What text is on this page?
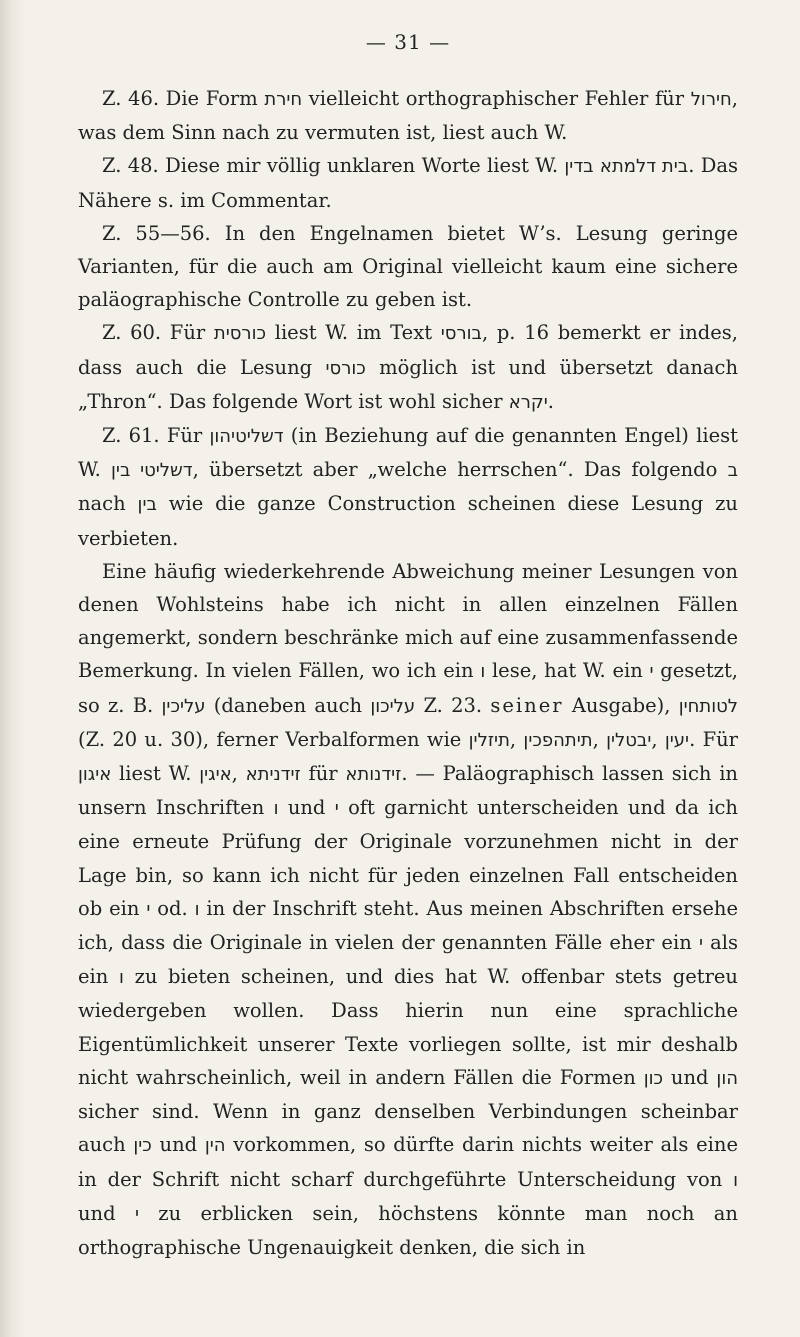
— 31 —

Z. 46. Die Form חירת vielleicht orthographischer Fehler für חירול, was dem Sinn nach zu vermuten ist, liest auch W.

Z. 48. Diese mir völlig unklaren Worte liest W. בדין בית דלמתא. Das Nähere s. im Commentar.

Z. 55—56. In den Engelnamen bietet W’s. Lesung geringe Varianten, für die auch am Original vielleicht kaum eine sichere paläographische Controlle zu geben ist.

Z. 60. Für כורסית liest W. im Text בורסי, p. 16 bemerkt er indes, dass auch die Lesung כורסי möglich ist und übersetzt danach „Thron“. Das folgende Wort ist wohl sicher יקרא.

Z. 61. Für דשליטיהון (in Beziehung auf die genannten Engel) liest W. דשליטי בין, übersetzt aber „welche herrschen“. Das folgendo ב nach בין wie die ganze Construction scheinen diese Lesung zu verbieten.

Eine häufig wiederkehrende Abweichung meiner Lesungen von denen Wohlsteins habe ich nicht in allen einzelnen Fällen angemerkt, sondern beschränke mich auf eine zusammenfassende Bemerkung. In vielen Fällen, wo ich ein ו lese, hat W. ein י gesetzt, so z. B. עליכין (daneben auch עליכון Z. 23. seiner Ausgabe), לטותחין (Z. 20 u. 30), ferner Verbalformen wie תיזלין, תיתהפכין, יבטלין, יעין. Für איגון liest W. איגין, זידניתא für זידנותא. — Paläographisch lassen sich in unsern Inschriften ו und י oft garnicht unterscheiden und da ich eine erneute Prüfung der Originale vorzunehmen nicht in der Lage bin, so kann ich nicht für jeden einzelnen Fall entscheiden ob ein י od. ו in der Inschrift steht. Aus meinen Abschriften ersehe ich, dass die Originale in vielen der genannten Fälle eher ein י als ein ו zu bieten scheinen, und dies hat W. offenbar stets getreu wiedergeben wollen. Dass hierin nun eine sprachliche Eigentümlichkeit unserer Texte vorliegen sollte, ist mir deshalb nicht wahrscheinlich, weil in andern Fällen die Formen כון und הון sicher sind. Wenn in ganz denselben Verbindungen scheinbar auch כין und הין vorkommen, so dürfte darin nichts weiter als eine in der Schrift nicht scharf durchgeführte Unterscheidung von ו und י zu erblicken sein, höchstens könnte man noch an orthographische Ungenauigkeit denken, die sich in
